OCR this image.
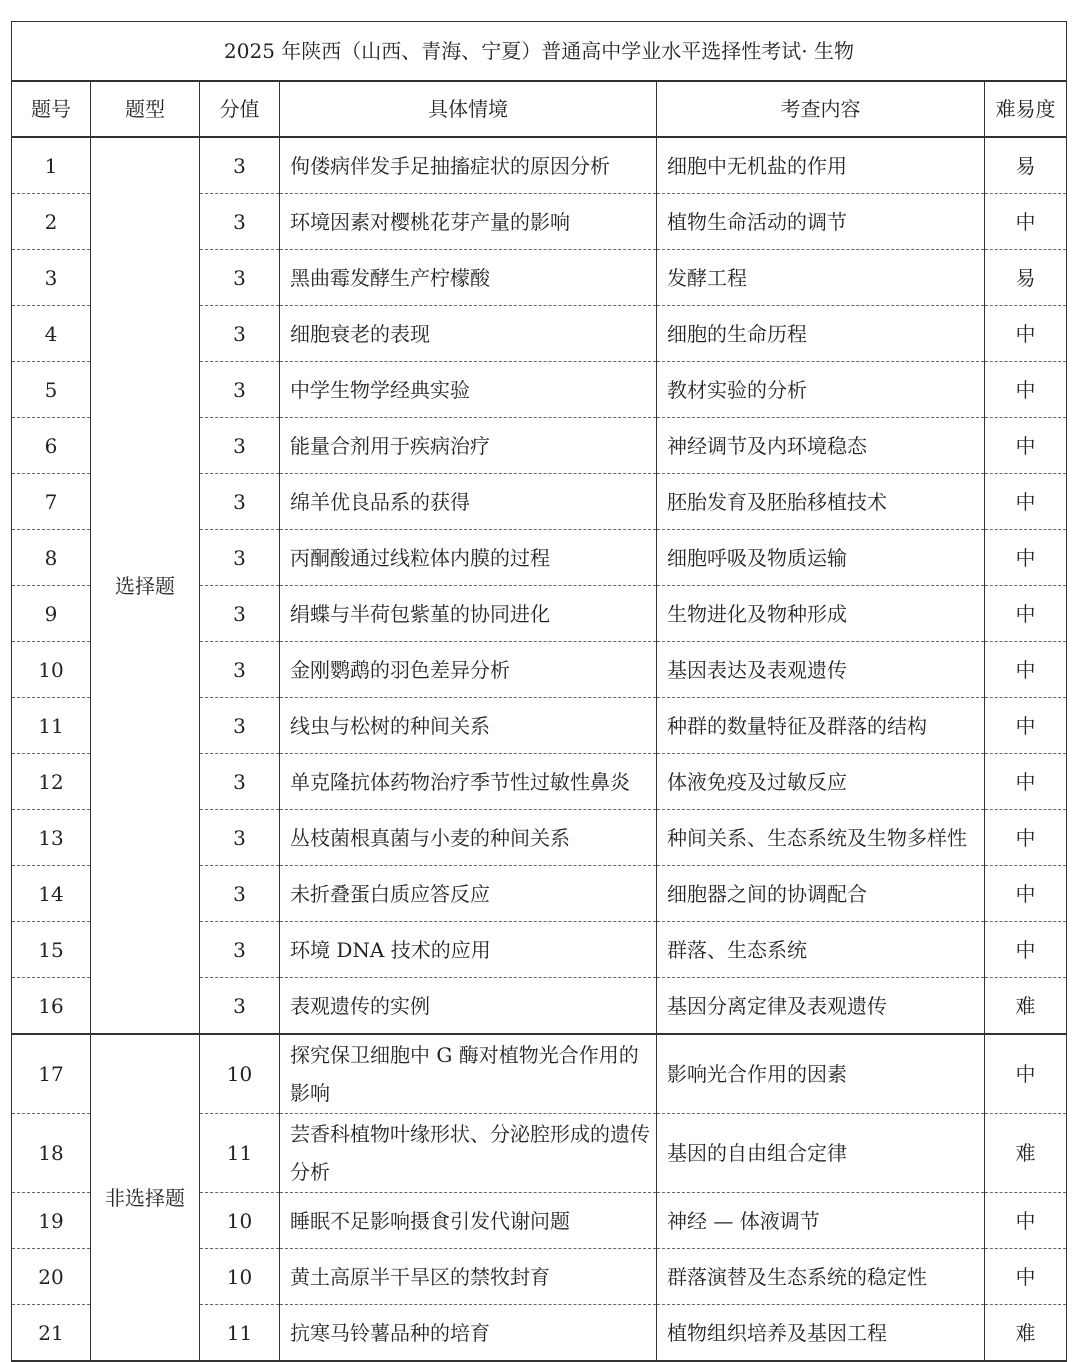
2025 年陕西（山西、青海、宁夏）普通高中学业水平选择性考试· 生物					
题号	题型	分值	具体情境	考查内容	难易度
1	选择题	3	佝偻病伴发手足抽搐症状的原因分析	细胞中无机盐的作用	易
2		3	环境因素对樱桃花芽产量的影响	植物生命活动的调节	中
3		3	黑曲霉发酵生产柠檬酸	发酵工程	易
4		3	细胞衰老的表现	细胞的生命历程	中
5		3	中学生物学经典实验	教材实验的分析	中
6		3	能量合剂用于疾病治疗	神经调节及内环境稳态	中
7		3	绵羊优良品系的获得	胚胎发育及胚胎移植技术	中
8		3	丙酮酸通过线粒体内膜的过程	细胞呼吸及物质运输	中
9		3	绢蝶与半荷包紫堇的协同进化	生物进化及物种形成	中
10		3	金刚鹦鹉的羽色差异分析	基因表达及表观遗传	中
11		3	线虫与松树的种间关系	种群的数量特征及群落的结构	中
12		3	单克隆抗体药物治疗季节性过敏性鼻炎	体液免疫及过敏反应	中
13		3	丛枝菌根真菌与小麦的种间关系	种间关系、生态系统及生物多样性	中
14		3	未折叠蛋白质应答反应	细胞器之间的协调配合	中
15		3	环境 DNA 技术的应用	群落、生态系统	中
16		3	表观遗传的实例	基因分离定律及表观遗传	难
17	非选择题	10	探究保卫细胞中 G 酶对植物光合作用的影响	影响光合作用的因素	中
18		11	芸香科植物叶缘形状、分泌腔形成的遗传分析	基因的自由组合定律	难
19		10	睡眠不足影响摄食引发代谢问题	神经 — 体液调节	中
20		10	黄土高原半干旱区的禁牧封育	群落演替及生态系统的稳定性	中
21		11	抗寒马铃薯品种的培育	植物组织培养及基因工程	难
